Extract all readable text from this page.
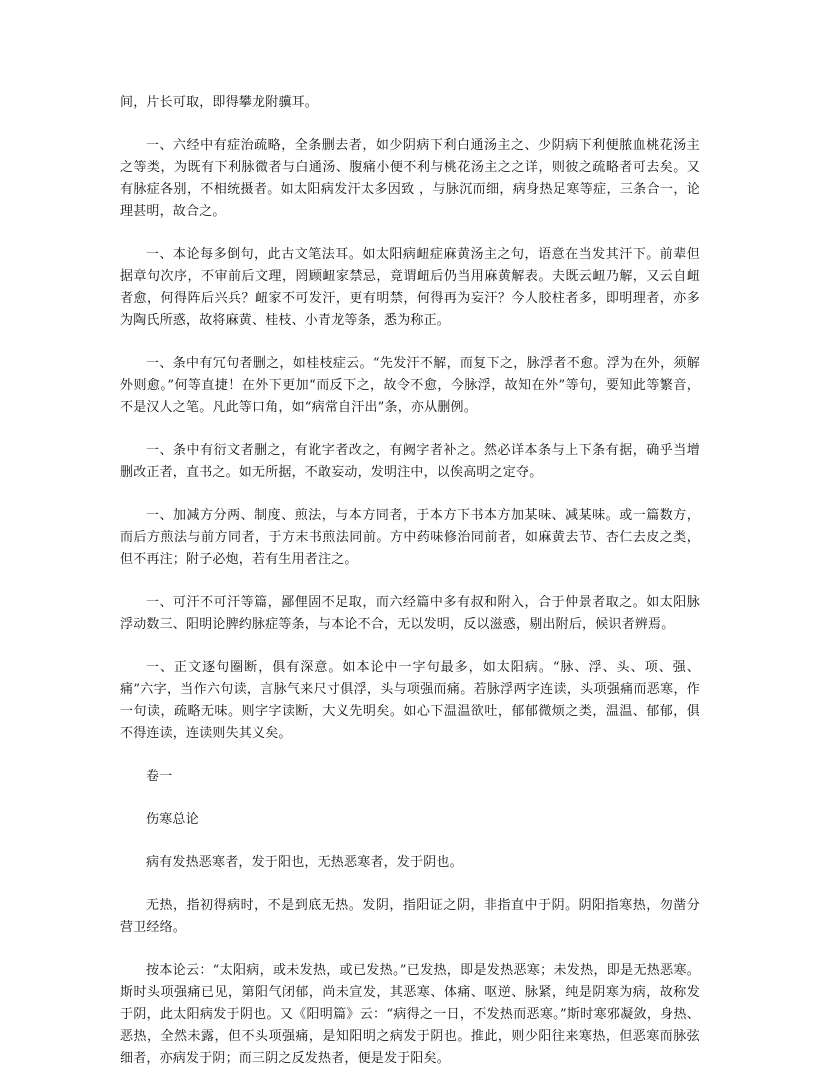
间，片长可取，即得攀龙附骥耳。

一、六经中有症治疏略，全条删去者，如少阴病下利白通汤主之、少阴病下利便脓血桃花汤主之等类，为既有下利脉微者与白通汤、腹痛小便不利与桃花汤主之之详，则彼之疏略者可去矣。又有脉症各别，不相统摄者。如太阳病发汗太多因致 ，与脉沉而细，病身热足寒等症，三条合一，论理甚明，故合之。

一、本论每多倒句，此古文笔法耳。如太阳病衄症麻黄汤主之句，语意在当发其汗下。前辈但据章句次序，不审前后文理，罔顾衄家禁忌，竟谓衄后仍当用麻黄解表。夫既云衄乃解，又云自衄者愈，何得阵后兴兵？衄家不可发汗，更有明禁，何得再为妄汗？今人胶柱者多，即明理者，亦多为陶氏所惑，故将麻黄、桂枝、小青龙等条，悉为称正。

一、条中有冗句者删之，如桂枝症云。“先发汗不解，而复下之，脉浮者不愈。浮为在外，须解外则愈。”何等直捷！在外下更加“而反下之，故令不愈，今脉浮，故知在外”等句，要知此等繁音，不是汉人之笔。凡此等口角，如“病常自汗出”条，亦从删例。

一、条中有衍文者删之，有讹字者改之，有阙字者补之。然必详本条与上下条有据，确乎当增删改正者，直书之。如无所据，不敢妄动，发明注中，以俟高明之定夺。

一、加减方分两、制度、煎法，与本方同者，于本方下书本方加某味、减某味。或一篇数方，而后方煎法与前方同者，于方末书煎法同前。方中药味修治同前者，如麻黄去节、杏仁去皮之类，但不再注；附子必炮，若有生用者注之。

一、可汗不可汗等篇，鄙俚固不足取，而六经篇中多有叔和附入，合于仲景者取之。如太阳脉浮动数三、阳明论脾约脉症等条，与本论不合，无以发明，反以滋惑，剔出附后，候识者辨焉。

一、正文逐句圈断，俱有深意。如本论中一字句最多，如太阳病。“脉、浮、头、项、强、痛”六字，当作六句读，言脉气来尺寸俱浮，头与项强而痛。若脉浮两字连读，头项强痛而恶寒，作一句读，疏略无味。则字字读断，大义先明矣。如心下温温欲吐，郁郁微烦之类，温温、郁郁，俱不得连读，连读则失其义矣。

卷一

伤寒总论

病有发热恶寒者，发于阳也，无热恶寒者，发于阴也。

无热，指初得病时，不是到底无热。发阴，指阳证之阴，非指直中于阴。阴阳指寒热，勿凿分营卫经络。

按本论云：“太阳病，或未发热，或已发热。”已发热，即是发热恶寒；未发热，即是无热恶寒。斯时头项强痛已见，第阳气闭郁，尚未宣发，其恶寒、体痛、呕逆、脉紧，纯是阴寒为病，故称发于阴，此太阳病发于阴也。又《阳明篇》云：“病得之一日，不发热而恶寒。”斯时寒邪凝敛，身热、恶热，全然未露，但不头项强痛，是知阳明之病发于阴也。推此，则少阳往来寒热，但恶寒而脉弦细者，亦病发于阴；而三阴之反发热者，便是发于阳矣。
